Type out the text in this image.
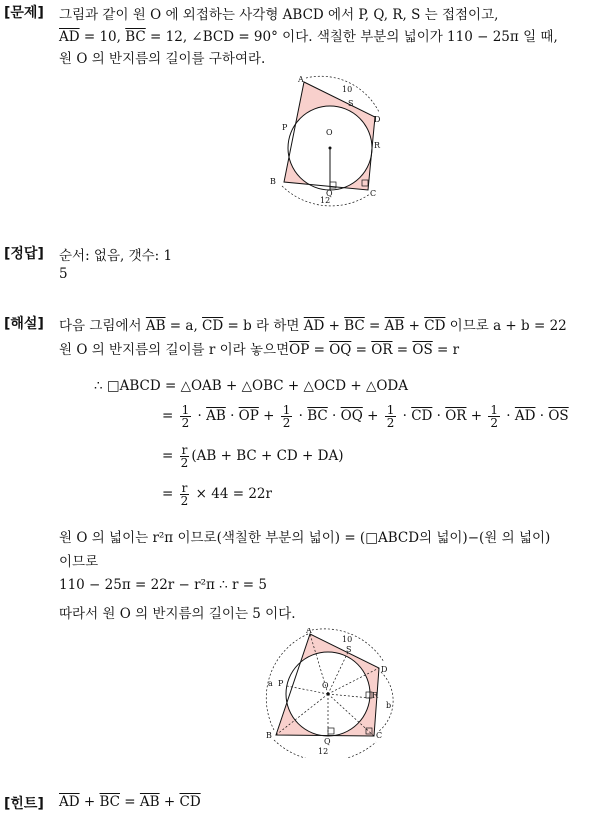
[문제] 그림과 같이 원 O 에 외접하는 사각형 ABCD 에서 P, Q, R, S 는 접점이고,
$\overline{AD} = 10$, $\overline{BC} = 12$, ∠BCD = 90° 이다. 색칠한 부분의 넓이가 110 − 25π 일 때,
원 O 의 반지름의 길이를 구하여라.
A
B
C
D
O
P
Q
R
S
10
12
[정답] 순서: 없음, 갯수: 1
5
[해설] 다음 그림에서 $\overline{AB} = a$, $\overline{CD} = b$ 라 하면 $\overline{AD} + \overline{BC} = \overline{AB} + \overline{CD}$ 이므로 a + b = 22
원 O 의 반지름의 길이를 r 이라 놓으면$\overline{OP} = \overline{OQ} = \overline{OR} = \overline{OS} = r$
∴ □ABCD = △OAB + △OBC + △OCD + △ODA
= $\frac{1}{2} \cdot \overline{AB} \cdot \overline{OP} + \frac{1}{2} \cdot \overline{BC} \cdot \overline{OQ} + \frac{1}{2} \cdot \overline{CD} \cdot \overline{OR} + \frac{1}{2} \cdot \overline{AD} \cdot \overline{OS}$
= $\frac{r}{2} (AB$ + BC + CD + DA)
= $\frac{r}{2} \times 44 = 22r$
원 O 의 넓이는 r²π 이므로(색칠한 부분의 넓이) = (□ABCD의 넓이)−(원 의 넓이)
이므로
110 − 25π = 22r − r²π ∴ r = 5
따라서 원 O 의 반지름의 길이는 5 이다.
A
B	C
D
O
P
Q
R
S
10
12
a
b
[힌트] $\overline{AD} + \overline{BC} = \overline{AB} + \overline{CD}$
